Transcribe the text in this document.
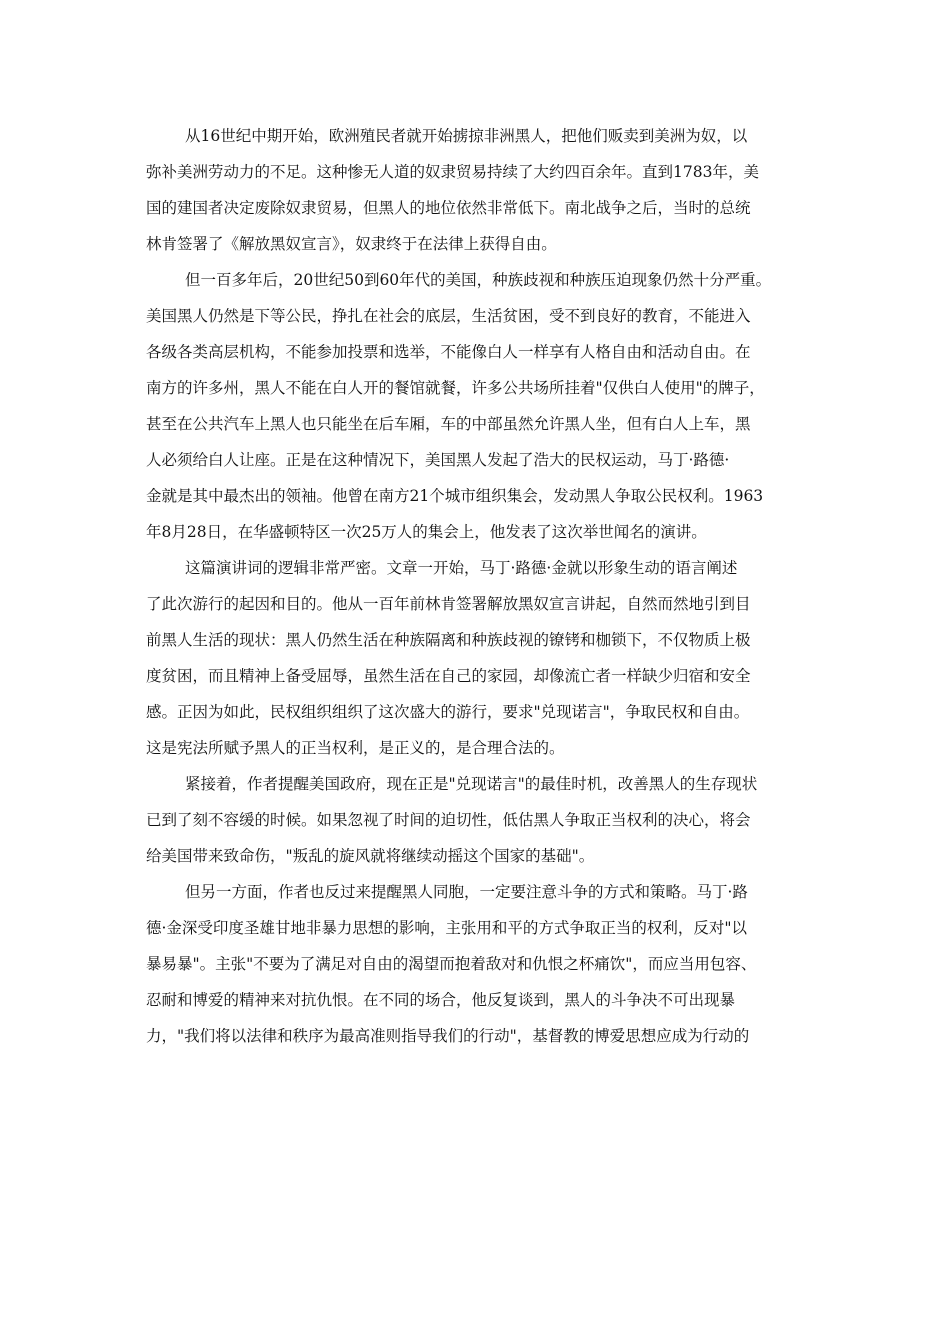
从16世纪中期开始，欧洲殖民者就开始掳掠非洲黑人，把他们贩卖到美洲为奴，以
弥补美洲劳动力的不足。这种惨无人道的奴隶贸易持续了大约四百余年。直到1783年，美
国的建国者决定废除奴隶贸易，但黑人的地位依然非常低下。南北战争之后，当时的总统
林肯签署了《解放黑奴宣言》，奴隶终于在法律上获得自由。
但一百多年后，20世纪50到60年代的美国，种族歧视和种族压迫现象仍然十分严重。
美国黑人仍然是下等公民，挣扎在社会的底层，生活贫困，受不到良好的教育，不能进入
各级各类高层机构，不能参加投票和选举，不能像白人一样享有人格自由和活动自由。在
南方的许多州，黑人不能在白人开的餐馆就餐，许多公共场所挂着"仅供白人使用"的牌子，
甚至在公共汽车上黑人也只能坐在后车厢，车的中部虽然允许黑人坐，但有白人上车，黑
人必须给白人让座。正是在这种情况下，美国黑人发起了浩大的民权运动，马丁·路德·
金就是其中最杰出的领袖。他曾在南方21个城市组织集会，发动黑人争取公民权利。1963
年8月28日，在华盛顿特区一次25万人的集会上，他发表了这次举世闻名的演讲。
这篇演讲词的逻辑非常严密。文章一开始，马丁·路德·金就以形象生动的语言阐述
了此次游行的起因和目的。他从一百年前林肯签署解放黑奴宣言讲起，自然而然地引到目
前黑人生活的现状：黑人仍然生活在种族隔离和种族歧视的镣铐和枷锁下，不仅物质上极
度贫困，而且精神上备受屈辱，虽然生活在自己的家园，却像流亡者一样缺少归宿和安全
感。正因为如此，民权组织组织了这次盛大的游行，要求"兑现诺言"，争取民权和自由。
这是宪法所赋予黑人的正当权利，是正义的，是合理合法的。
紧接着，作者提醒美国政府，现在正是"兑现诺言"的最佳时机，改善黑人的生存现状
已到了刻不容缓的时候。如果忽视了时间的迫切性，低估黑人争取正当权利的决心，将会
给美国带来致命伤，"叛乱的旋风就将继续动摇这个国家的基础"。
但另一方面，作者也反过来提醒黑人同胞，一定要注意斗争的方式和策略。马丁·路
德·金深受印度圣雄甘地非暴力思想的影响，主张用和平的方式争取正当的权利，反对"以
暴易暴"。主张"不要为了满足对自由的渴望而抱着敌对和仇恨之杯痛饮"，而应当用包容、
忍耐和博爱的精神来对抗仇恨。在不同的场合，他反复谈到，黑人的斗争决不可出现暴
力，"我们将以法律和秩序为最高准则指导我们的行动"，基督教的博爱思想应成为行动的
